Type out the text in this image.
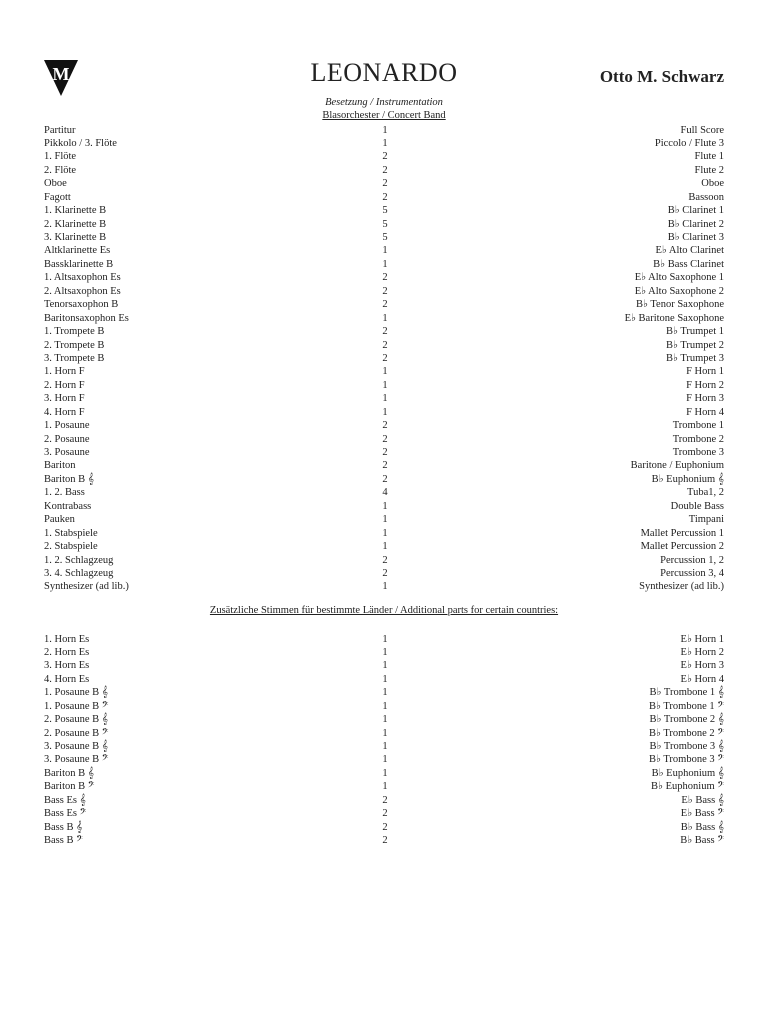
M	LEONARDO	Otto M. Schwarz
Besetzung / Instrumentation
Blasorchester / Concert Band
Partitur	1	Full Score
Pikkolo / 3. Flöte	1	Piccolo / Flute 3
1. Flöte	2	Flute 1
2. Flöte	2	Flute 2
Oboe	2	Oboe
Fagott	2	Bassoon
1. Klarinette B	5	B♭ Clarinet 1
2. Klarinette B	5	B♭ Clarinet 2
3. Klarinette B	5	B♭ Clarinet 3
Altklarinette Es	1	E♭ Alto Clarinet
Bassklarinette B	1	B♭ Bass Clarinet
1. Altsaxophon Es	2	E♭ Alto Saxophone 1
2. Altsaxophon Es	2	E♭ Alto Saxophone 2
Tenorsaxophon B	2	B♭ Tenor Saxophone
Baritonsaxophon Es	1	E♭ Baritone Saxophone
1. Trompete B	2	B♭ Trumpet 1
2. Trompete B	2	B♭ Trumpet 2
3. Trompete B	2	B♭ Trumpet 3
1. Horn F	1	F Horn 1
2. Horn F	1	F Horn 2
3. Horn F	1	F Horn 3
4. Horn F	1	F Horn 4
1. Posaune	2	Trombone 1
2. Posaune	2	Trombone 2
3. Posaune	2	Trombone 3
Bariton	2	Baritone / Euphonium
Bariton B 𝄞	2	B♭ Euphonium 𝄞
1. 2. Bass	4	Tuba1, 2
Kontrabass	1	Double Bass
Pauken	1	Timpani
1. Stabspiele	1	Mallet Percussion 1
2. Stabspiele	1	Mallet Percussion 2
1. 2. Schlagzeug	2	Percussion 1, 2
3. 4. Schlagzeug	2	Percussion 3, 4
Synthesizer (ad lib.)	1	Synthesizer (ad lib.)
Zusätzliche Stimmen für bestimmte Länder / Additional parts for certain countries:
1. Horn Es	1	E♭ Horn 1
2. Horn Es	1	E♭ Horn 2
3. Horn Es	1	E♭ Horn 3
4. Horn Es	1	E♭ Horn 4
1. Posaune B 𝄞	1	B♭ Trombone 1 𝄞
1. Posaune B 𝄢	1	B♭ Trombone 1 𝄢
2. Posaune B 𝄞	1	B♭ Trombone 2 𝄞
2. Posaune B 𝄢	1	B♭ Trombone 2 𝄢
3. Posaune B 𝄞	1	B♭ Trombone 3 𝄞
3. Posaune B 𝄢	1	B♭ Trombone 3 𝄢
Bariton B 𝄞	1	B♭ Euphonium 𝄞
Bariton B 𝄢	1	B♭ Euphonium 𝄢
Bass Es 𝄞	2	E♭ Bass 𝄞
Bass Es 𝄢	2	E♭ Bass 𝄢
Bass B 𝄞	2	B♭ Bass 𝄞
Bass B 𝄢	2	B♭ Bass 𝄢
